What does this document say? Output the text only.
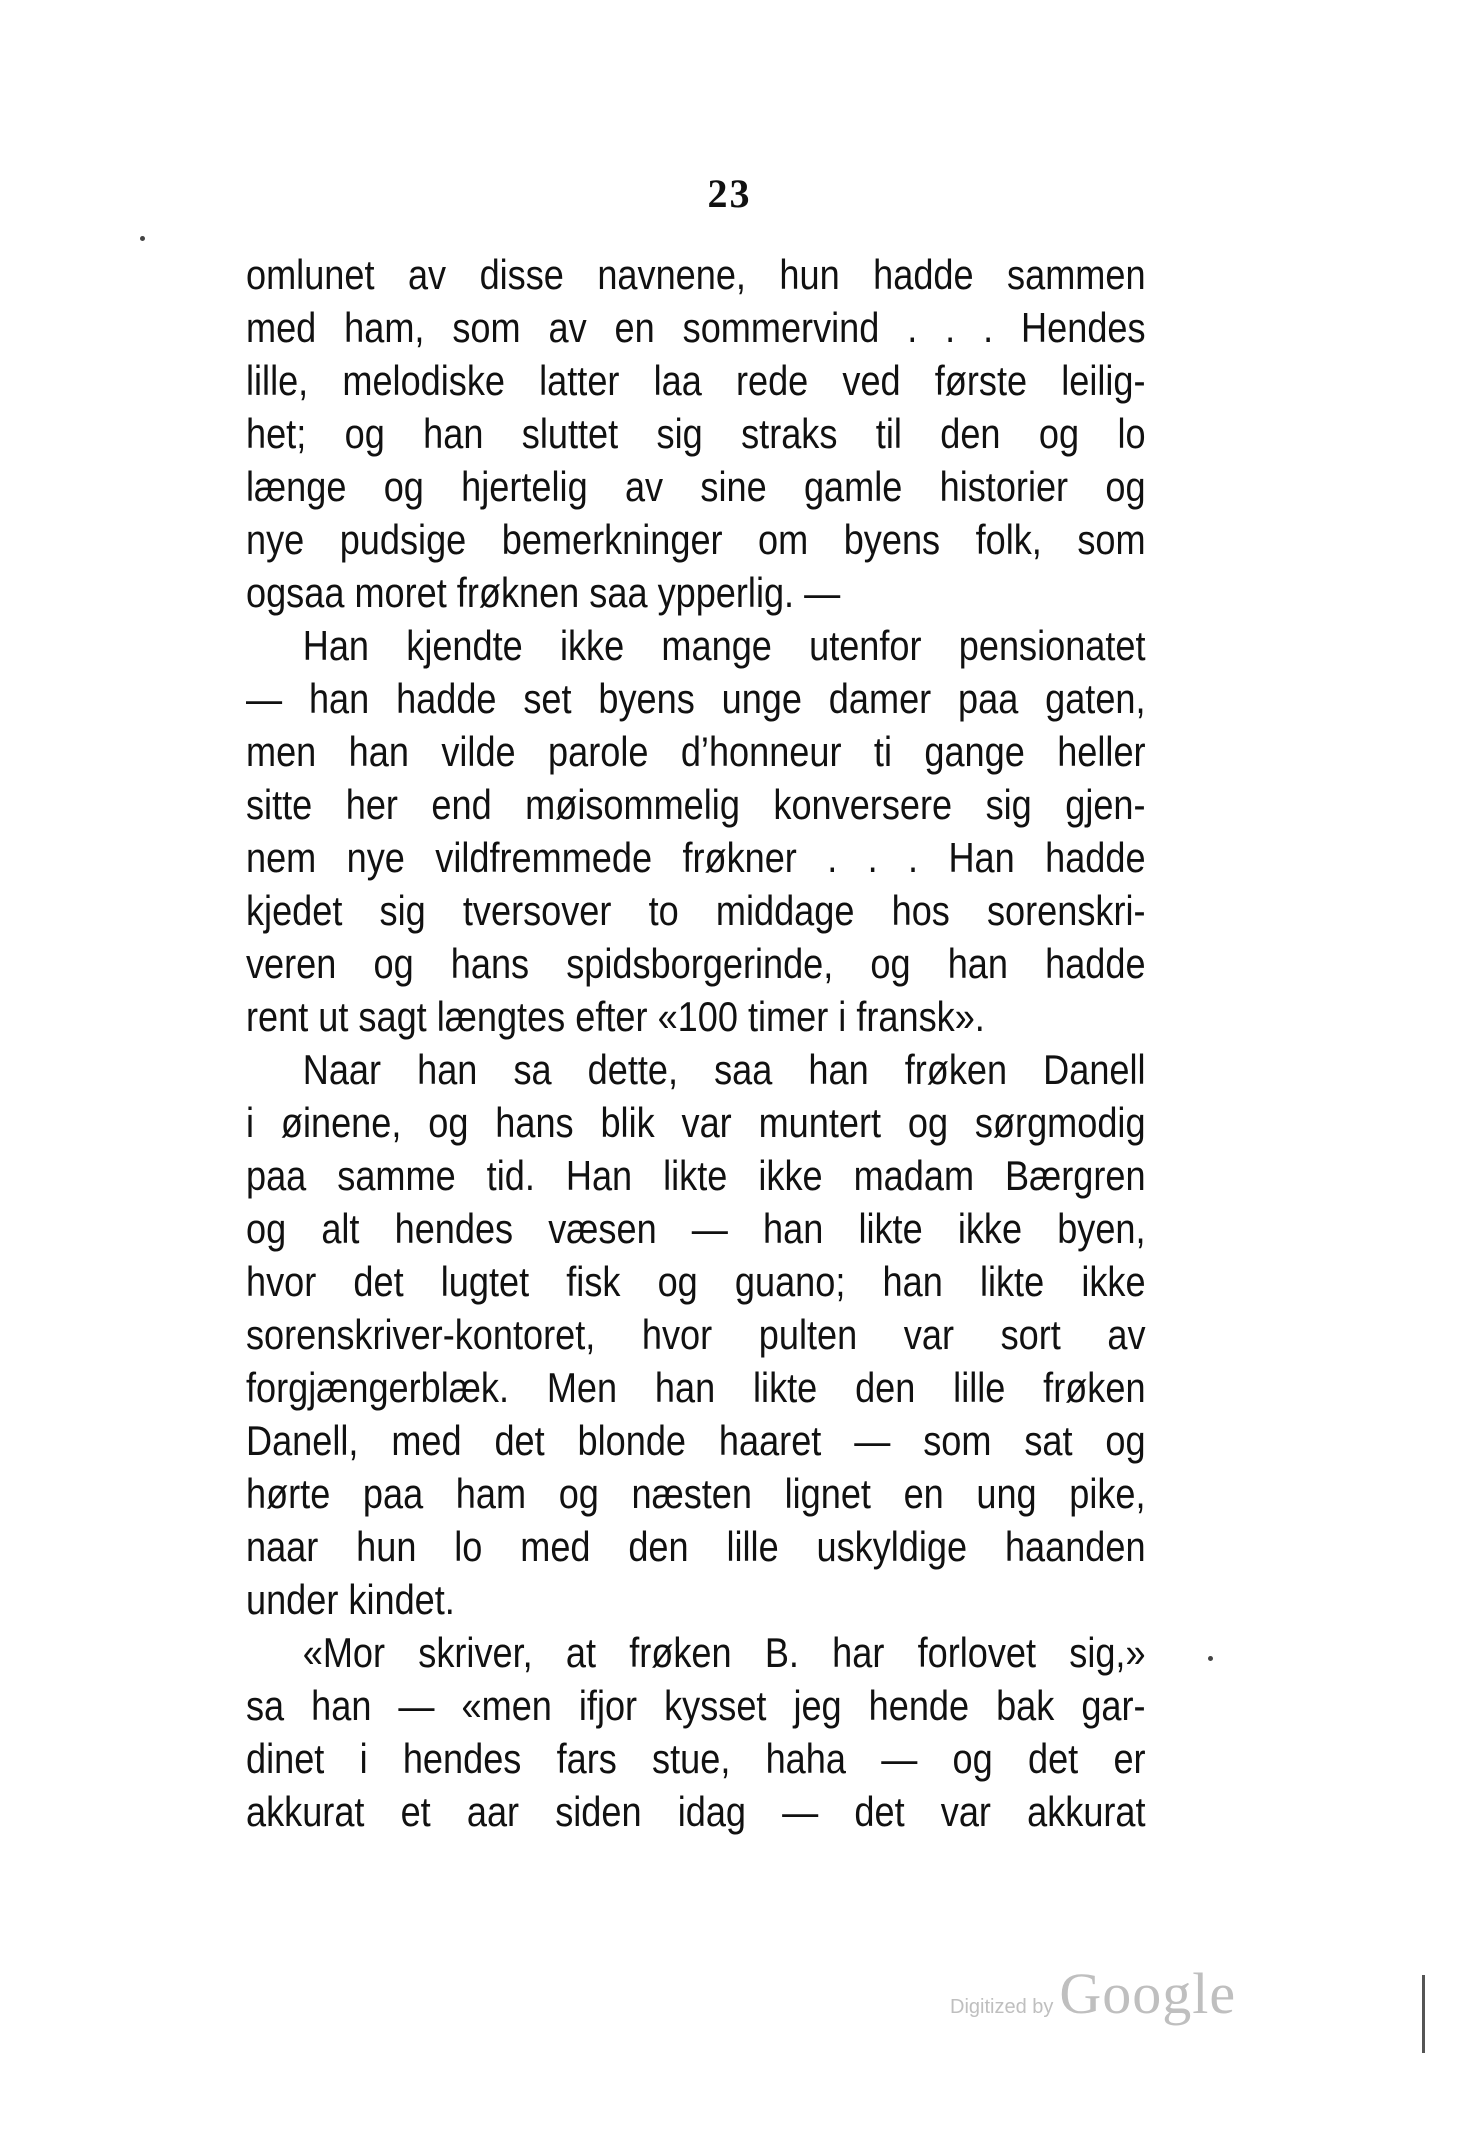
23
omlunet av disse navnene, hun hadde sammen
med ham, som av en sommervind . . . Hendes
lille, melodiske latter laa rede ved første leilig-
het; og han sluttet sig straks til den og lo
længe og hjertelig av sine gamle historier og
nye pudsige bemerkninger om byens folk, som
ogsaa moret frøknen saa ypperlig. —
Han kjendte ikke mange utenfor pensionatet
— han hadde set byens unge damer paa gaten,
men han vilde parole d’honneur ti gange heller
sitte her end møisommelig konversere sig gjen-
nem nye vildfremmede frøkner . . . Han hadde
kjedet sig tversover to middage hos sorenskri-
veren og hans spidsborgerinde, og han hadde
rent ut sagt længtes efter «100 timer i fransk».
Naar han sa dette, saa han frøken Danell
i øinene, og hans blik var muntert og sørgmodig
paa samme tid. Han likte ikke madam Bærgren
og alt hendes væsen — han likte ikke byen,
hvor det lugtet fisk og guano; han likte ikke
sorenskriver-kontoret, hvor pulten var sort av
forgjængerblæk. Men han likte den lille frøken
Danell, med det blonde haaret — som sat og
hørte paa ham og næsten lignet en ung pike,
naar hun lo med den lille uskyldige haanden
under kindet.
«Mor skriver, at frøken B. har forlovet sig,»
sa han — «men ifjor kysset jeg hende bak gar-
dinet i hendes fars stue, haha — og det er
akkurat et aar siden idag — det var akkurat
Digitized by Google
